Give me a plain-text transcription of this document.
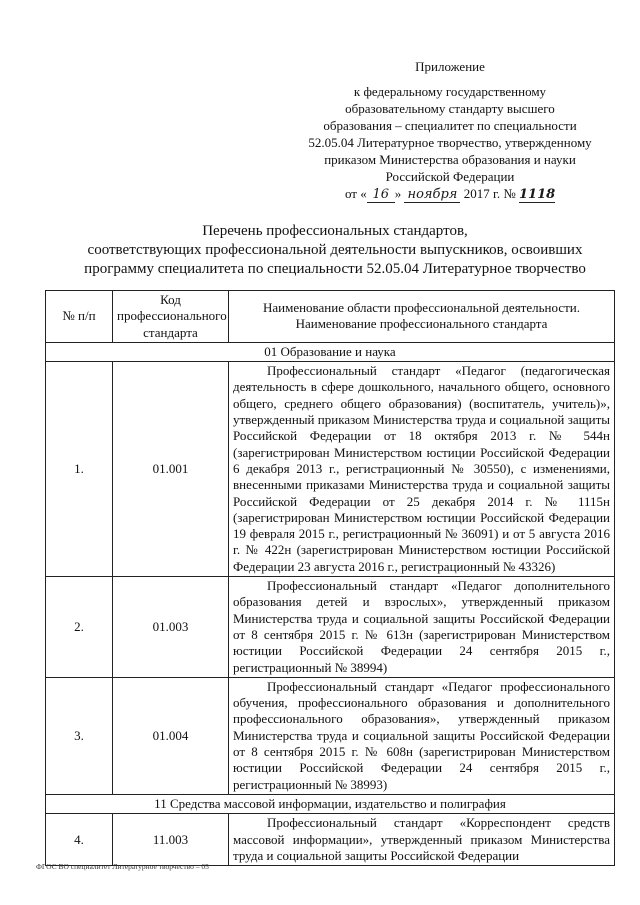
Приложение
к федеральному государственному
образовательному стандарту высшего
образования – специалитет по специальности
52.05.04 Литературное творчество, утвержденному
приказом Министерства образования и науки
Российской Федерации
от « 16 » ноября 2017 г. № 1118
Перечень профессиональных стандартов,
соответствующих профессиональной деятельности выпускников, освоивших
программу специалитета по специальности 52.05.04 Литературное творчество
№ п/п	Код профессионального стандарта	Наименование области профессиональной деятельности. Наименование профессионального стандарта
01 Образование и наука		
1.	01.001	Профессиональный стандарт «Педагог (педагогическая деятельность в сфере дошкольного, начального общего, основного общего, среднего общего образования) (воспитатель, учитель)», утвержденный приказом Министерства труда и социальной защиты Российской Федерации от 18 октября 2013 г. № 544н (зарегистрирован Министерством юстиции Российской Федерации 6 декабря 2013 г., регистрационный № 30550), с изменениями, внесенными приказами Министерства труда и социальной защиты Российской Федерации от 25 декабря 2014 г. № 1115н (зарегистрирован Министерством юстиции Российской Федерации 19 февраля 2015 г., регистрационный № 36091) и от 5 августа 2016 г. № 422н (зарегистрирован Министерством юстиции Российской Федерации 23 августа 2016 г., регистрационный № 43326)
2.	01.003	Профессиональный стандарт «Педагог дополнительного образования детей и взрослых», утвержденный приказом Министерства труда и социальной защиты Российской Федерации от 8 сентября 2015 г. № 613н (зарегистрирован Министерством юстиции Российской Федерации 24 сентября 2015 г., регистрационный № 38994)
3.	01.004	Профессиональный стандарт «Педагог профессионального обучения, профессионального образования и дополнительного профессионального образования», утвержденный приказом Министерства труда и социальной защиты Российской Федерации от 8 сентября 2015 г. № 608н (зарегистрирован Министерством юстиции Российской Федерации 24 сентября 2015 г., регистрационный № 38993)
11 Средства массовой информации, издательство и полиграфия		
4.	11.003	Профессиональный стандарт «Корреспондент средств массовой информации», утвержденный приказом Министерства труда и социальной защиты Российской Федерации
ФГОС ВО специалитет Литературное творчество – 05
